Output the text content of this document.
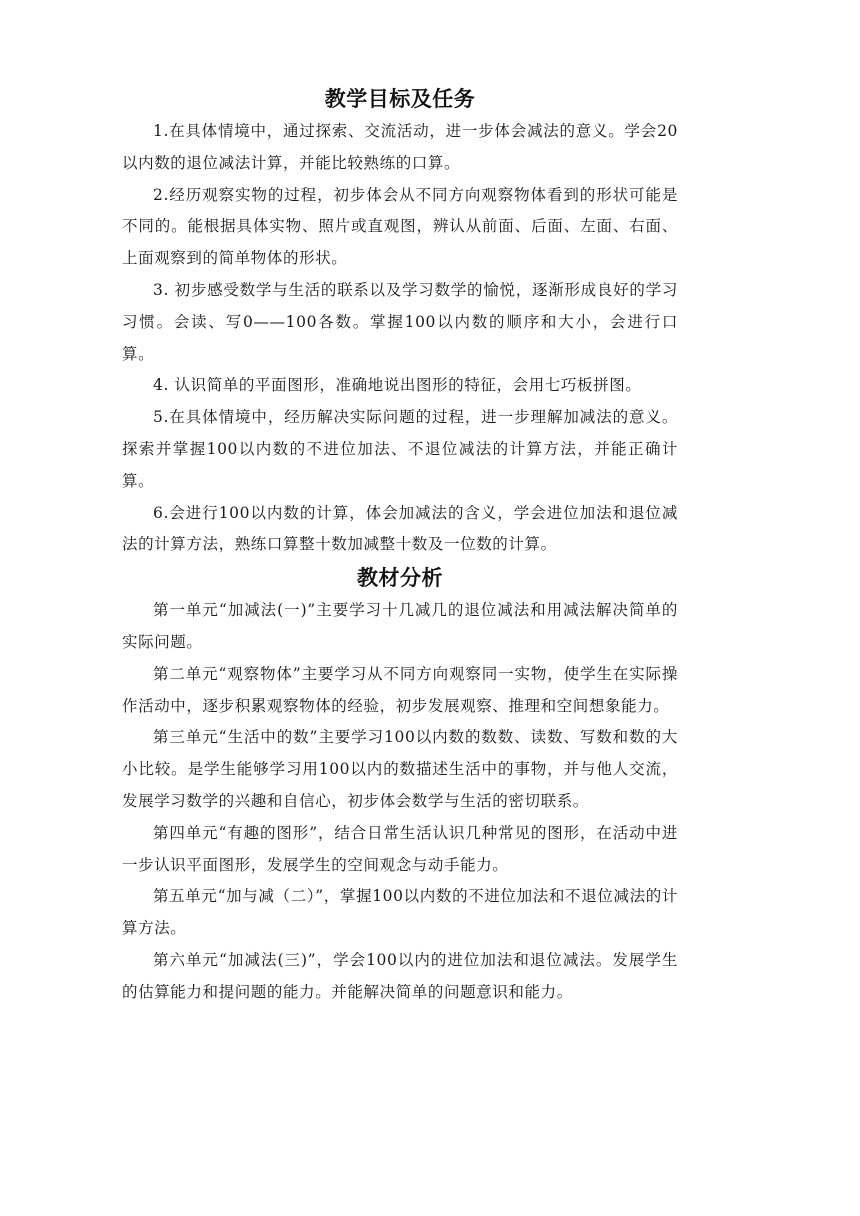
教学目标及任务

1.在具体情境中，通过探索、交流活动，进一步体会减法的意义。学会20以内数的退位减法计算，并能比较熟练的口算。

2.经历观察实物的过程，初步体会从不同方向观察物体看到的形状可能是不同的。能根据具体实物、照片或直观图，辨认从前面、后面、左面、右面、上面观察到的简单物体的形状。

3. 初步感受数学与生活的联系以及学习数学的愉悦，逐渐形成良好的学习习惯。会读、写0——100各数。掌握100以内数的顺序和大小，会进行口算。

4. 认识简单的平面图形，准确地说出图形的特征，会用七巧板拼图。

5.在具体情境中，经历解决实际问题的过程，进一步理解加减法的意义。探索并掌握100以内数的不进位加法、不退位减法的计算方法，并能正确计算。

6.会进行100以内数的计算，体会加减法的含义，学会进位加法和退位减法的计算方法，熟练口算整十数加减整十数及一位数的计算。

教材分析

第一单元“加减法(一)”主要学习十几减几的退位减法和用减法解决简单的实际问题。

第二单元“观察物体”主要学习从不同方向观察同一实物，使学生在实际操作活动中，逐步积累观察物体的经验，初步发展观察、推理和空间想象能力。

第三单元“生活中的数”主要学习100以内数的数数、读数、写数和数的大小比较。是学生能够学习用100以内的数描述生活中的事物，并与他人交流，发展学习数学的兴趣和自信心，初步体会数学与生活的密切联系。

第四单元“有趣的图形”，结合日常生活认识几种常见的图形，在活动中进一步认识平面图形，发展学生的空间观念与动手能力。

第五单元“加与减（二）”，掌握100以内数的不进位加法和不退位减法的计算方法。

第六单元“加减法(三)”，学会100以内的进位加法和退位减法。发展学生的估算能力和提问题的能力。并能解决简单的问题意识和能力。
